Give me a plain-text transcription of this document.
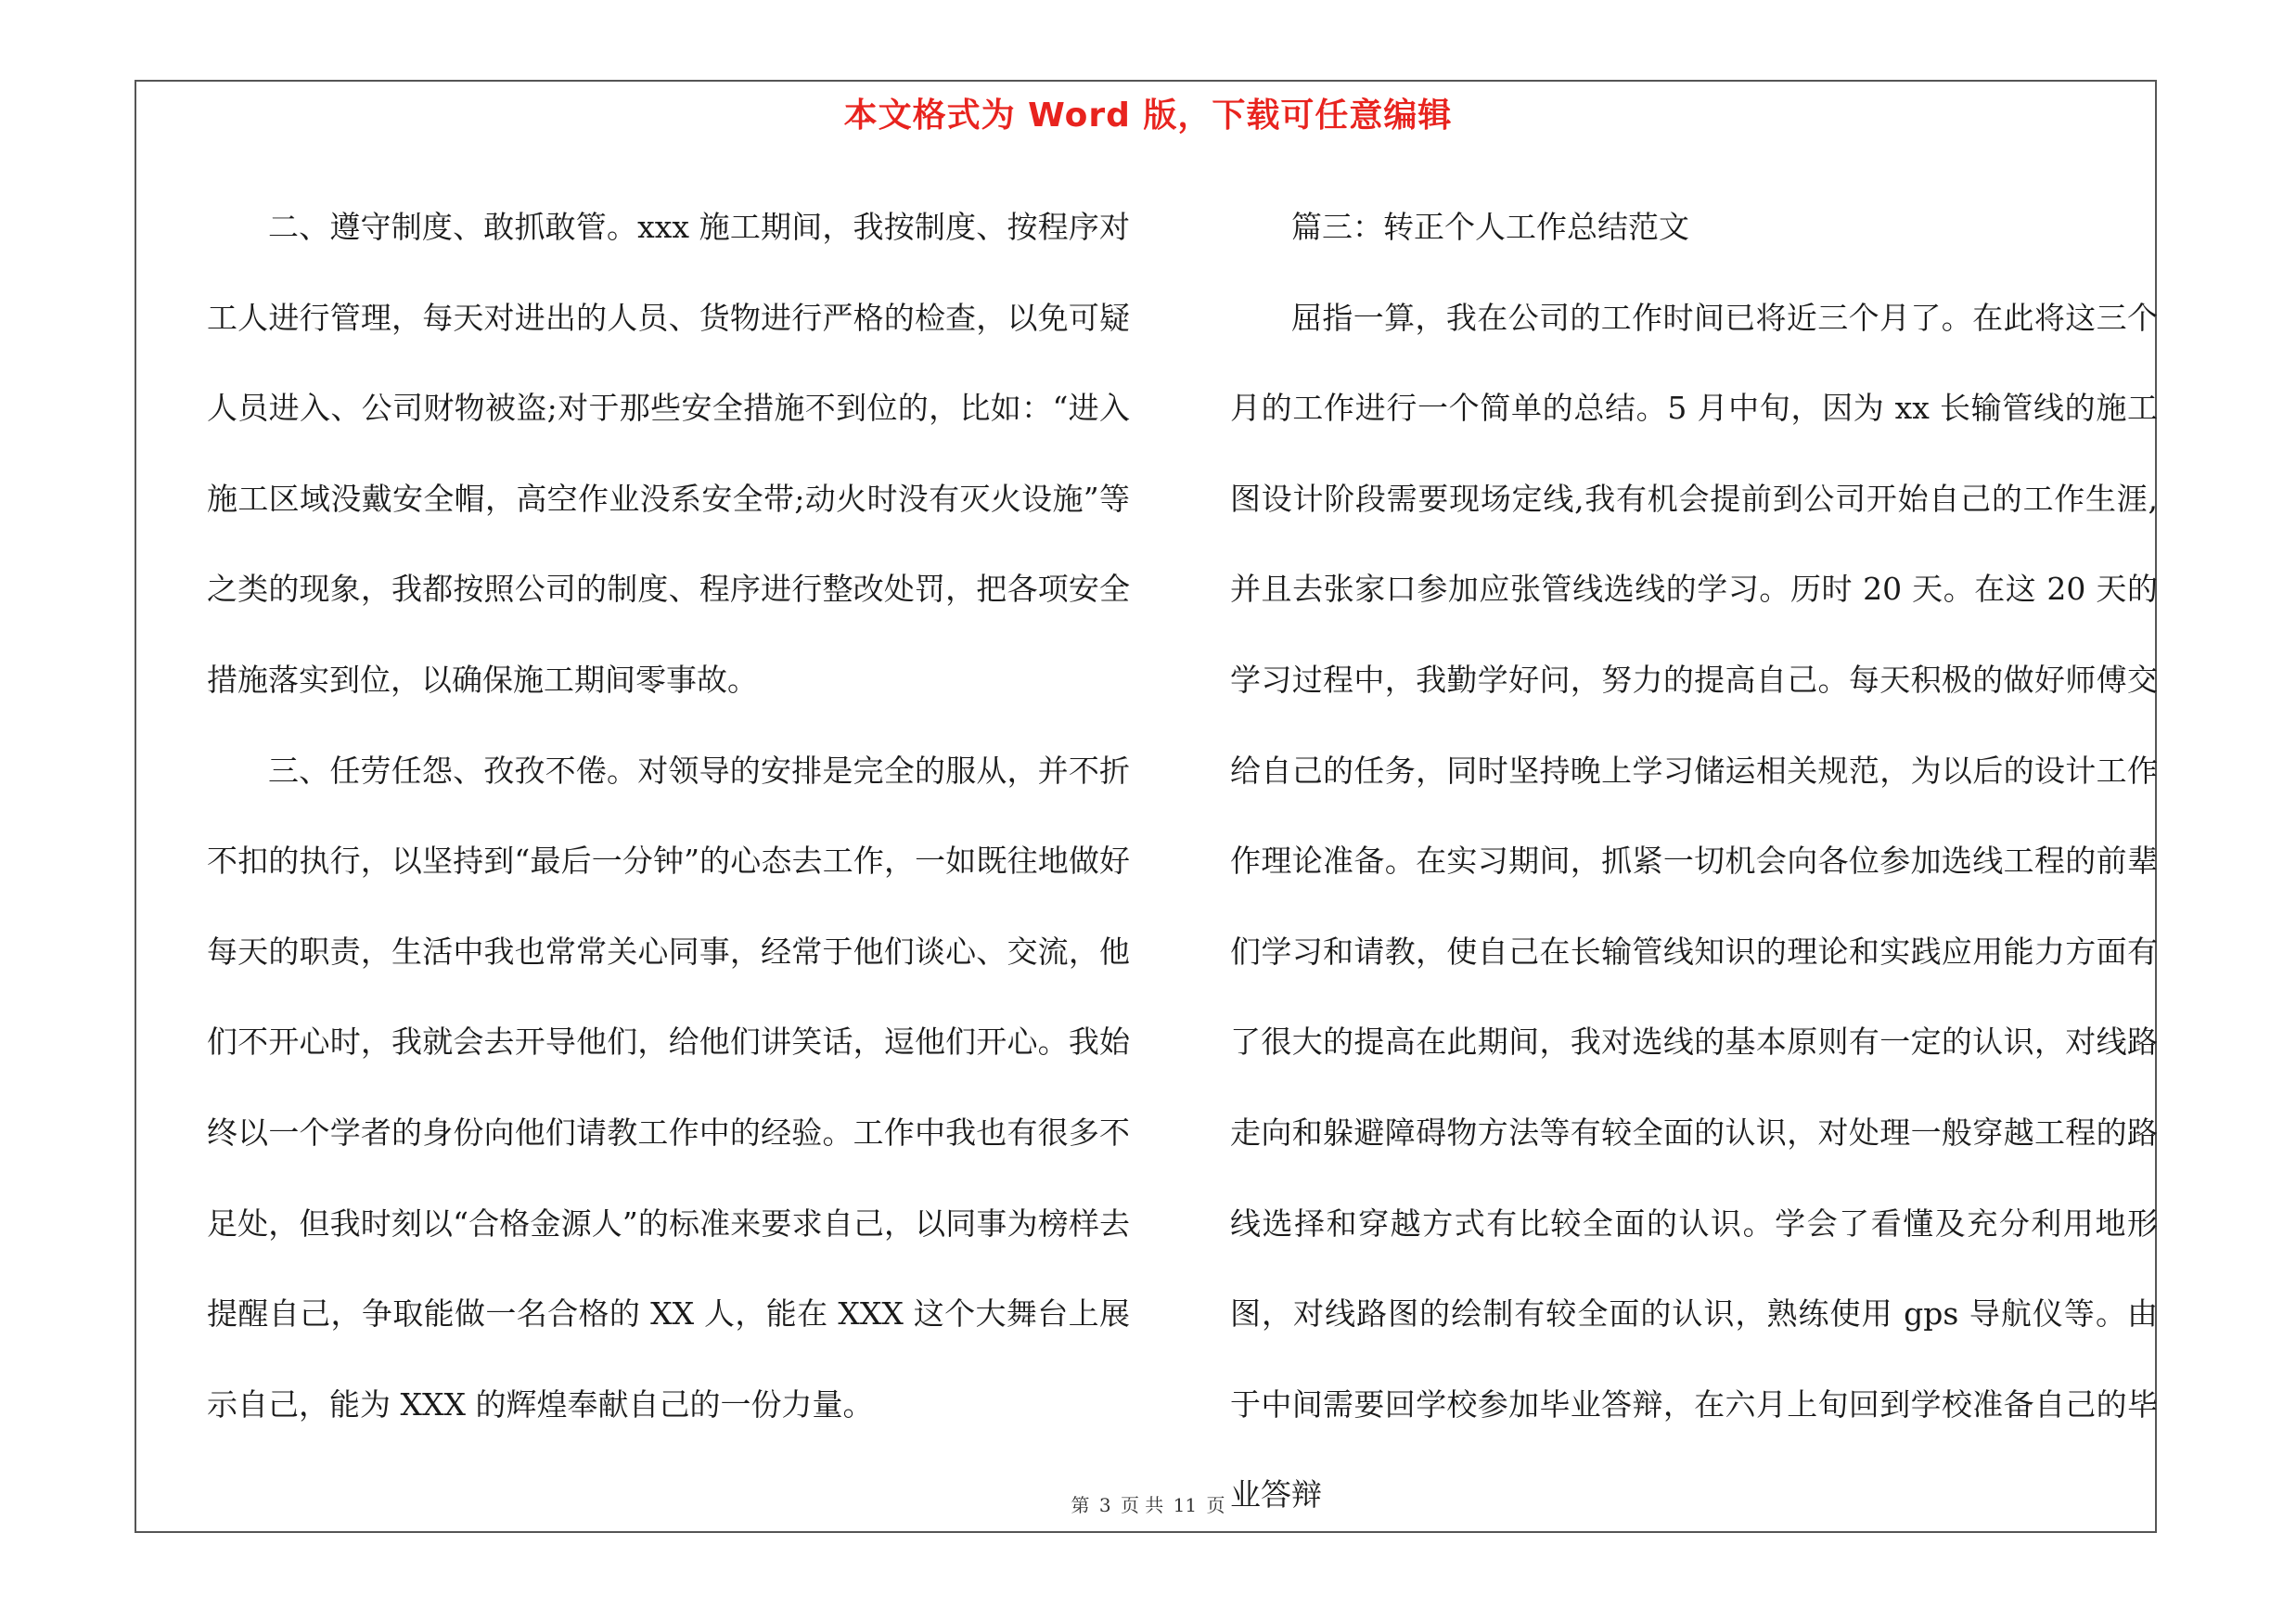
本文格式为 Word 版，下载可任意编辑

二、遵守制度、敢抓敢管。xxx 施工期间，我按制度、按程序对工人进行管理，每天对进出的人员、货物进行严格的检查，以免可疑人员进入、公司财物被盗;对于那些安全措施不到位的，比如：“进入施工区域没戴安全帽，高空作业没系安全带;动火时没有灭火设施”等之类的现象，我都按照公司的制度、程序进行整改处罚，把各项安全措施落实到位，以确保施工期间零事故。

三、任劳任怨、孜孜不倦。对领导的安排是完全的服从，并不折不扣的执行，以坚持到“最后一分钟”的心态去工作，一如既往地做好每天的职责，生活中我也常常关心同事，经常于他们谈心、交流，他们不开心时，我就会去开导他们，给他们讲笑话，逗他们开心。我始终以一个学者的身份向他们请教工作中的经验。工作中我也有很多不足处，但我时刻以“合格金源人”的标准来要求自己，以同事为榜样去提醒自己，争取能做一名合格的 XX 人，能在 XXX 这个大舞台上展示自己，能为 XXX 的辉煌奉献自己的一份力量。

篇三：转正个人工作总结范文

屈指一算，我在公司的工作时间已将近三个月了。在此将这三个月的工作进行一个简单的总结。5 月中旬，因为 xx 长输管线的施工图设计阶段需要现场定线,我有机会提前到公司开始自己的工作生涯,并且去张家口参加应张管线选线的学习。历时 20 天。在这 20 天的学习过程中，我勤学好问，努力的提高自己。每天积极的做好师傅交给自己的任务，同时坚持晚上学习储运相关规范，为以后的设计工作作理论准备。在实习期间，抓紧一切机会向各位参加选线工程的前辈们学习和请教，使自己在长输管线知识的理论和实践应用能力方面有了很大的提高在此期间，我对选线的基本原则有一定的认识，对线路走向和躲避障碍物方法等有较全面的认识，对处理一般穿越工程的路线选择和穿越方式有比较全面的认识。学会了看懂及充分利用地形图，对线路图的绘制有较全面的认识，熟练使用 gps 导航仪等。由于中间需要回学校参加毕业答辩，在六月上旬回到学校准备自己的毕业答辩

第 3 页 共 11 页
